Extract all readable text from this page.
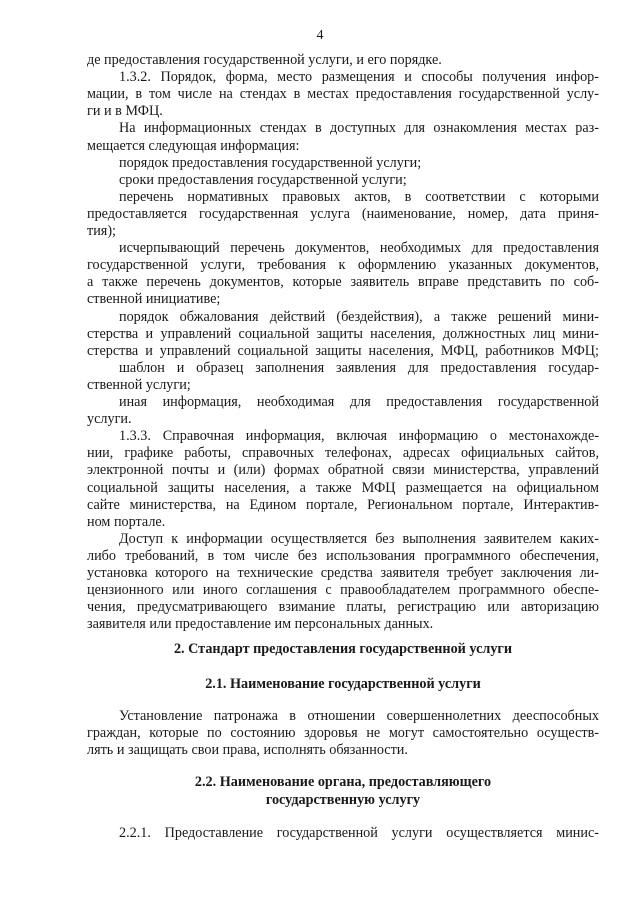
4
де предоставления государственной услуги, и его порядке.
1.3.2. Порядок, форма, место размещения и способы получения инфор-
мации, в том числе на стендах в местах предоставления государственной услу-
ги и в МФЦ.
На информационных стендах в доступных для ознакомления местах раз-
мещается следующая информация:
порядок предоставления государственной услуги;
сроки предоставления государственной услуги;
перечень нормативных правовых актов, в соответствии с которыми
предоставляется государственная услуга (наименование, номер, дата приня-
тия);
исчерпывающий перечень документов, необходимых для предоставления
государственной услуги, требования к оформлению указанных документов,
а также перечень документов, которые заявитель вправе представить по соб-
ственной инициативе;
порядок обжалования действий (бездействия), а также решений мини-
стерства и управлений социальной защиты населения, должностных лиц мини-
стерства и управлений социальной защиты населения, МФЦ, работников МФЦ;
шаблон и образец заполнения заявления для предоставления государ-
ственной услуги;
иная информация, необходимая для предоставления государственной
услуги.
1.3.3. Справочная информация, включая информацию о местонахожде-
нии, графике работы, справочных телефонах, адресах официальных сайтов,
электронной почты и (или) формах обратной связи министерства, управлений
социальной защиты населения, а также МФЦ размещается на официальном
сайте министерства, на Едином портале, Региональном портале, Интерактив-
ном портале.
Доступ к информации осуществляется без выполнения заявителем каких-
либо требований, в том числе без использования программного обеспечения,
установка которого на технические средства заявителя требует заключения ли-
цензионного или иного соглашения с правообладателем программного обеспе-
чения, предусматривающего взимание платы, регистрацию или авторизацию
заявителя или предоставление им персональных данных.
2. Стандарт предоставления государственной услуги
2.1. Наименование государственной услуги
Установление патронажа в отношении совершеннолетних дееспособных
граждан, которые по состоянию здоровья не могут самостоятельно осуществ-
лять и защищать свои права, исполнять обязанности.
2.2. Наименование органа, предоставляющего
государственную услугу
2.2.1. Предоставление государственной услуги осуществляется минис-
